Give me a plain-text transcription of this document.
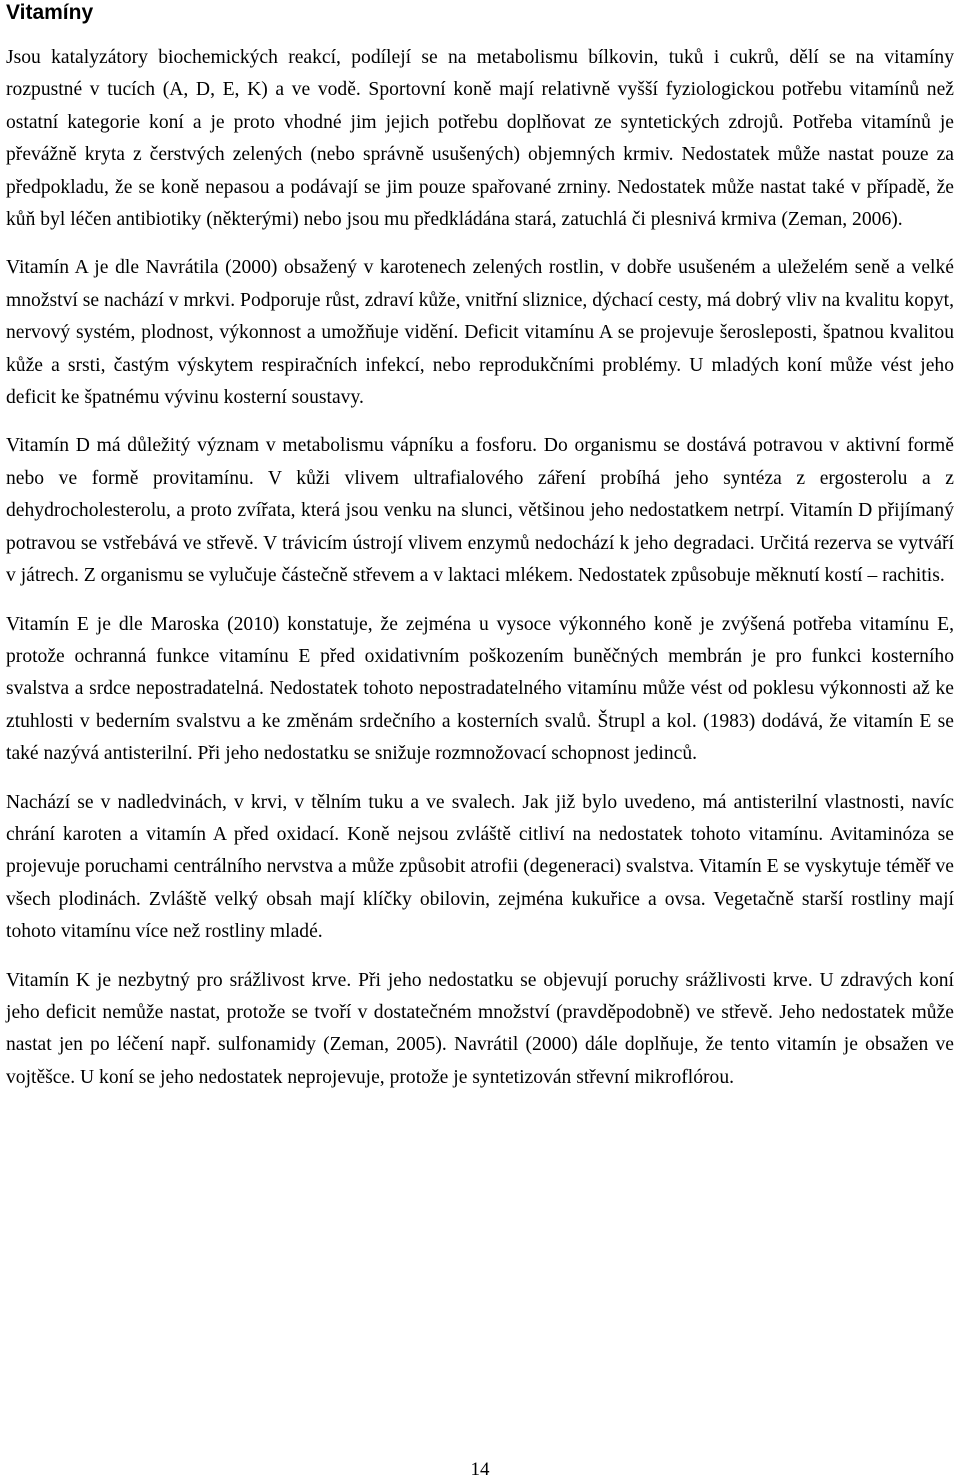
Vitamíny

Jsou katalyzátory biochemických reakcí, podílejí se na metabolismu bílkovin, tuků i cukrů, dělí se na vitamíny rozpustné v tucích (A, D, E, K) a ve vodě. Sportovní koně mají relativně vyšší fyziologickou potřebu vitamínů než ostatní kategorie koní a je proto vhodné jim jejich potřebu doplňovat ze syntetických zdrojů. Potřeba vitamínů je převážně kryta z čerstvých zelených (nebo správně usušených) objemných krmiv. Nedostatek může nastat pouze za předpokladu, že se koně nepasou a podávají se jim pouze spařované zrniny. Nedostatek může nastat také v případě, že kůň byl léčen antibiotiky (některými) nebo jsou mu předkládána stará, zatuchlá či plesnivá krmiva (Zeman, 2006).

Vitamín A je dle Navrátila (2000) obsažený v karotenech zelených rostlin, v dobře usušeném a uleželém seně a velké množství se nachází v mrkvi. Podporuje růst, zdraví kůže, vnitřní sliznice, dýchací cesty, má dobrý vliv na kvalitu kopyt, nervový systém, plodnost, výkonnost a umožňuje vidění. Deficit vitamínu A se projevuje šerosleposti, špatnou kvalitou kůže a srsti, častým výskytem respiračních infekcí, nebo reprodukčními problémy. U mladých koní může vést jeho deficit ke špatnému vývinu kosterní soustavy.

Vitamín D má důležitý význam v metabolismu vápníku a fosforu. Do organismu se dostává potravou v aktivní formě nebo ve formě provitamínu. V kůži vlivem ultrafialového záření probíhá jeho syntéza z ergosterolu a z dehydrocholesterolu, a proto zvířata, která jsou venku na slunci, většinou jeho nedostatkem netrpí. Vitamín D přijímaný potravou se vstřebává ve střevě. V trávicím ústrojí vlivem enzymů nedochází k jeho degradaci. Určitá rezerva se vytváří v játrech. Z organismu se vylučuje částečně střevem a v laktaci mlékem. Nedostatek způsobuje měknutí kostí – rachitis.

Vitamín E je dle Maroska (2010) konstatuje, že zejména u vysoce výkonného koně je zvýšená potřeba vitamínu E, protože ochranná funkce vitamínu E před oxidativním poškozením buněčných membrán je pro funkci kosterního svalstva a srdce nepostradatelná. Nedostatek tohoto nepostradatelného vitamínu může vést od poklesu výkonnosti až ke ztuhlosti v bederním svalstvu a ke změnám srdečního a kosterních svalů. Štrupl a kol. (1983) dodává, že vitamín E se také nazývá antisterilní. Při jeho nedostatku se snižuje rozmnožovací schopnost jedinců.

Nachází se v nadledvinách, v krvi, v tělním tuku a ve svalech. Jak již bylo uvedeno, má antisterilní vlastnosti, navíc chrání karoten a vitamín A před oxidací. Koně nejsou zvláště citliví na nedostatek tohoto vitamínu. Avitaminóza se projevuje poruchami centrálního nervstva a může způsobit atrofii (degeneraci) svalstva. Vitamín E se vyskytuje téměř ve všech plodinách. Zvláště velký obsah mají klíčky obilovin, zejména kukuřice a ovsa. Vegetačně starší rostliny mají tohoto vitamínu více než rostliny mladé.

Vitamín K je nezbytný pro srážlivost krve. Při jeho nedostatku se objevují poruchy srážlivosti krve. U zdravých koní jeho deficit nemůže nastat, protože se tvoří v dostatečném množství (pravděpodobně) ve střevě. Jeho nedostatek může nastat jen po léčení např. sulfonamidy (Zeman, 2005). Navrátil (2000) dále doplňuje, že tento vitamín je obsažen ve vojtěšce. U koní se jeho nedostatek neprojevuje, protože je syntetizován střevní mikroflórou.

14
